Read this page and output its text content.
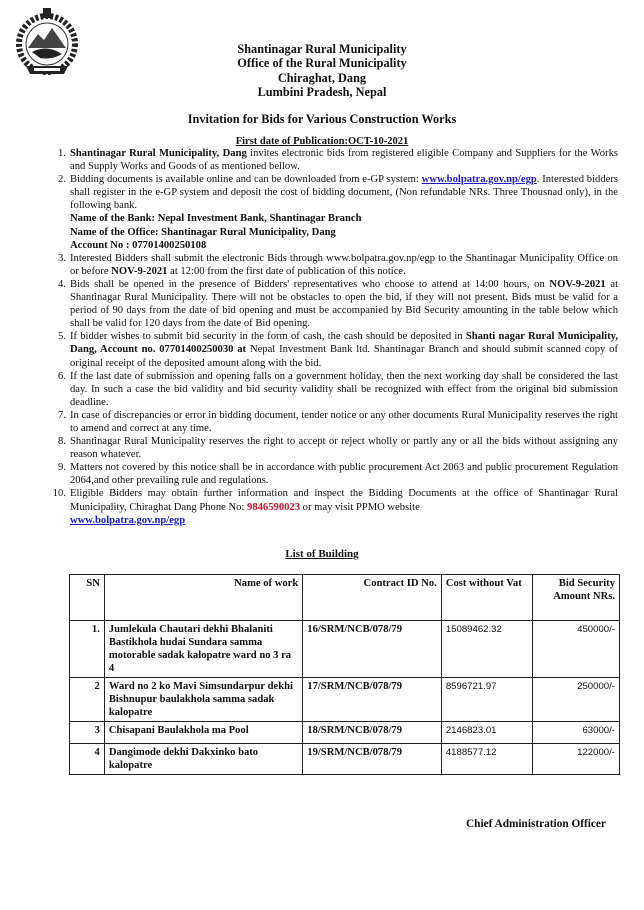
Shantinagar Rural Municipality
Office of the Rural Municipality
Chiraghat, Dang
Lumbini Pradesh, Nepal
Invitation for Bids for Various Construction Works
First date of Publication:OCT-10-2021
1. Shantinagar Rural Municipality, Dang invites electronic bids from registered eligible Company and Suppliers for the Works and Supply Works and Goods of as mentioned bellow.
2. Bidding documents is available online and can be downloaded from e-GP system: www.bolpatra.gov.np/egp. Interested bidders shall register in the e-GP system and deposit the cost of bidding document, (Non refundable NRs. Three Thousnad only), in the following bank.
Name of the Bank: Nepal Investment Bank, Shantinagar Branch
Name of the Office: Shantinagar Rural Municipality, Dang
Account No : 07701400250108
3. Interested Bidders shall submit the electronic Bids through www.bolpatra.gov.np/egp to the Shantinagar Municipality Office on or before NOV-9-2021 at 12:00 from the first date of publication of this notice.
4. Bids shall be opened in the presence of Bidders' representatives who choose to attend at 14:00 hours, on NOV-9-2021 at Shantinagar Rural Municipality. There will not be obstacles to open the bid, if they will not present. Bids must be valid for a period of 90 days from the date of bid opening and must be accompanied by Bid Security amounting in the table below which shall be valid for 120 days from the date of Bid opening.
5. If bidder wishes to submit bid security in the form of cash, the cash should be deposited in Shanti nagar Rural Municipality, Dang, Account no. 07701400250030 at Nepal Investment Bank ltd. Shantinagar Branch and should submit scanned copy of original receipt of the deposited amount along with the bid.
6. If the last date of submission and opening falls on a government holiday, then the next working day shall be considered the last day. In such a case the bid validity and bid security validity shall be recognized with effect from the original bid submission deadline.
7. In case of discrepancies or error in bidding document, tender notice or any other documents Rural Municipality reserves the right to amend and correct at any time.
8. Shantinagar Rural Municipality reserves the right to accept or reject wholly or partly any or all the bids without assigning any reason whatever.
9. Matters not covered by this notice shall be in accordance with public procurement Act 2063 and public procurement Regulation 2064,and other prevailing rule and regulations.
10. Eligible Bidders may obtain further information and inspect the Bidding Documents at the office of Shantinagar Rural Municipality, Chiraghat Dang Phone No: 9846590023 or may visit PPMO website
www.bolpatra.gov.np/egp
List of Building
SN	Name of work	Contract ID No.	Cost without Vat	Bid Security Amount NRs.
1.	Jumlekula Chautari dekhi Bhalaniti Bastikhola hudai Sundara samma motorable sadak kalopatre ward no 3 ra 4	16/SRM/NCB/078/79	15089462.32	450000/-
2	Ward no 2 ko Mavi Simsundarpur dekhi Bishnupur baulakhola samma sadak kalopatre	17/SRM/NCB/078/79	8596721.97	250000/-
3	Chisapani Baulakhola ma Pool	18/SRM/NCB/078/79	2146823.01	63000/-
4	Dangimode dekhi Dakxinko bato kalopatre	19/SRM/NCB/078/79	4188577.12	122000/-
Chief Administration Officer
